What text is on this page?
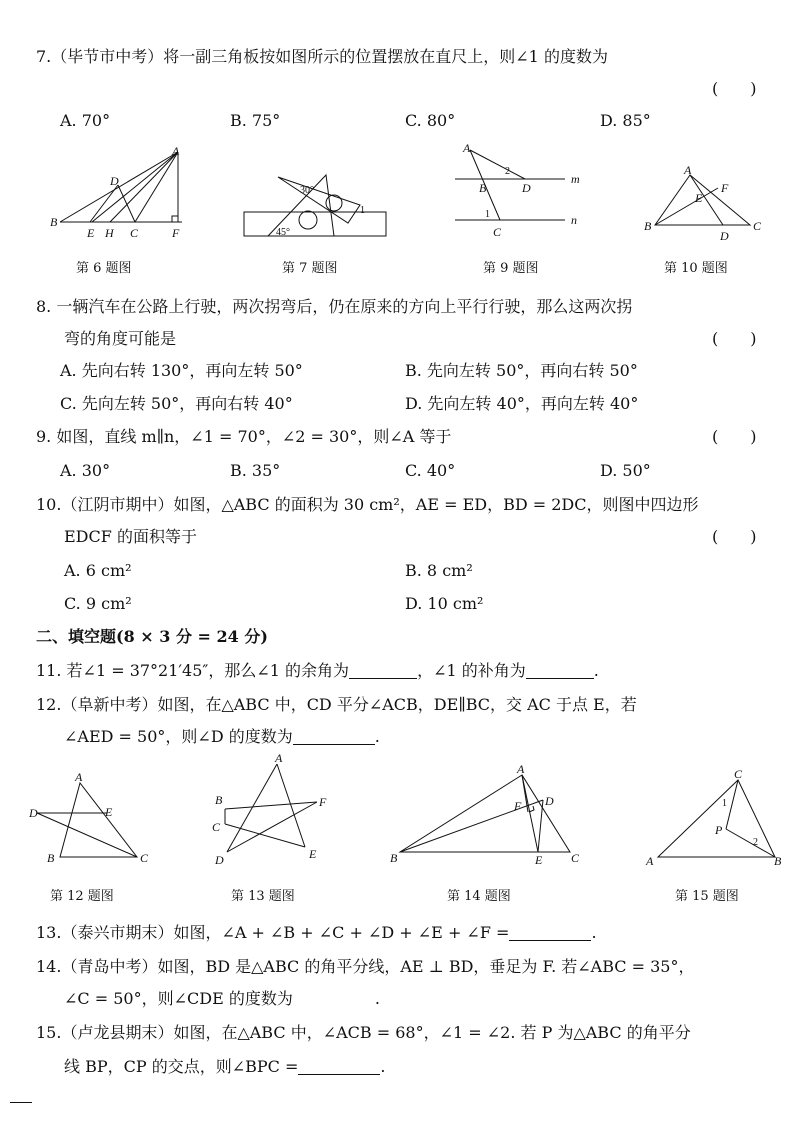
7.（毕节市中考）将一副三角板按如图所示的位置摆放在直尺上，则∠1 的度数为
(　　)
A. 70°	B. 75°	C. 80°	D. 85°
B
A
D
E H C	F
第 6 题图
30°
45°
1
第 7 题图
A
B	D
m
n
C
2
1
第 9 题图
A
B	C
D
E
F
第 10 题图
8. 一辆汽车在公路上行驶，两次拐弯后，仍在原来的方向上平行行驶，那么这两次拐
弯的角度可能是	(　　)
A. 先向右转 130°，再向左转 50°	B. 先向左转 50°，再向右转 50°
C. 先向左转 50°，再向右转 40°	D. 先向左转 40°，再向左转 40°
9. 如图，直线 m∥n，∠1 = 70°，∠2 = 30°，则∠A 等于	(　　)
A. 30°	B. 35°	C. 40°	D. 50°
10.（江阴市期中）如图，△ABC 的面积为 30 cm²，AE = ED，BD = 2DC，则图中四边形
EDCF 的面积等于	(　　)
A. 6 cm²	B. 8 cm²
C. 9 cm²	D. 10 cm²
二、填空题(8 × 3 分 = 24 分)
11. 若∠1 = 37°21′45″，那么∠1 的余角为	，∠1 的补角为	.
12.（阜新中考）如图，在△ABC 中，CD 平分∠ACB，DE∥BC，交 AC 于点 E，若
∠AED = 50°，则∠D 的度数为	.
A
D	E
B	C
第 12 题图
A
B
C
D	E
F
第 13 题图
A
B	C
D
E
F
第 14 题图
C
A	B
P
1
2
第 15 题图
13.（泰兴市期末）如图，∠A + ∠B + ∠C + ∠D + ∠E + ∠F =	.
14.（青岛中考）如图，BD 是△ABC 的角平分线，AE ⊥ BD，垂足为 F. 若∠ABC = 35°，
∠C = 50°，则∠CDE 的度数为	.
15.（卢龙县期末）如图，在△ABC 中，∠ACB = 68°，∠1 = ∠2. 若 P 为△ABC 的角平分
线 BP，CP 的交点，则∠BPC =	.
